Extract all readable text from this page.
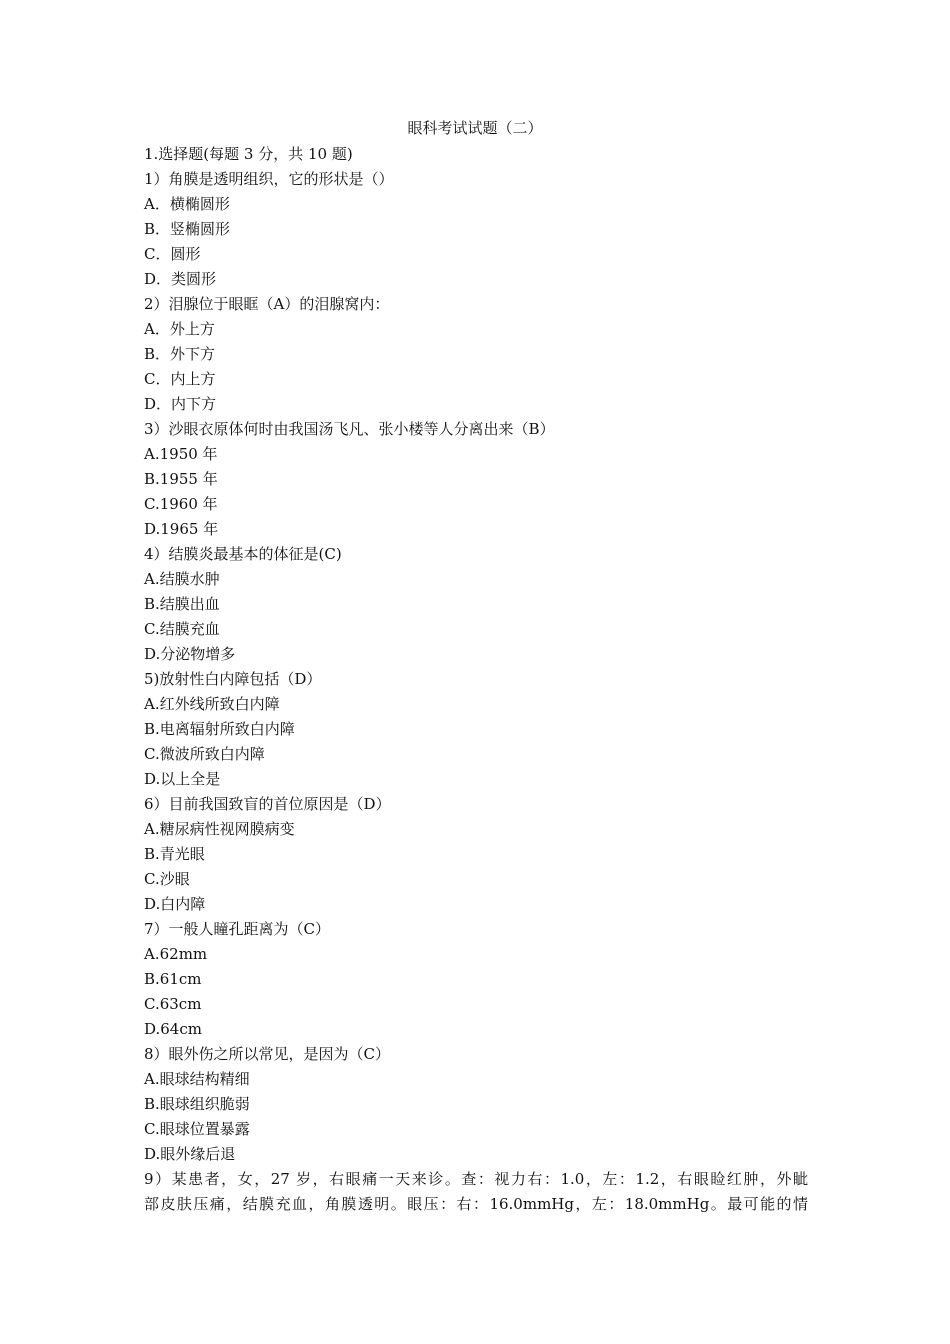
眼科考试试题（二）
1.选择题(每题 3 分，共 10 题)
1）角膜是透明组织，它的形状是（）
A．横椭圆形
B．竖椭圆形
C．圆形
D．类圆形
2）泪腺位于眼眶（A）的泪腺窝内：
A．外上方
B．外下方
C．内上方
D．内下方
3）沙眼衣原体何时由我国汤飞凡、张小楼等人分离出来（B）
A.1950 年
B.1955 年
C.1960 年
D.1965 年
4）结膜炎最基本的体征是(C)
A.结膜水肿
B.结膜出血
C.结膜充血
D.分泌物增多
5)放射性白内障包括（D）
A.红外线所致白内障
B.电离辐射所致白内障
C.微波所致白内障
D.以上全是
6）目前我国致盲的首位原因是（D）
A.糖尿病性视网膜病变
B.青光眼
C.沙眼
D.白内障
7）一般人瞳孔距离为（C）
A.62mm
B.61cm
C.63cm
D.64cm
8）眼外伤之所以常见，是因为（C）
A.眼球结构精细
B.眼球组织脆弱
C.眼球位置暴露
D.眼外缘后退
9）某患者，女，27 岁，右眼痛一天来诊。查：视力右：1.0，左：1.2，右眼睑红肿，外眦
部皮肤压痛，结膜充血，角膜透明。眼压：右：16.0mmHg，左：18.0mmHg。最可能的情
